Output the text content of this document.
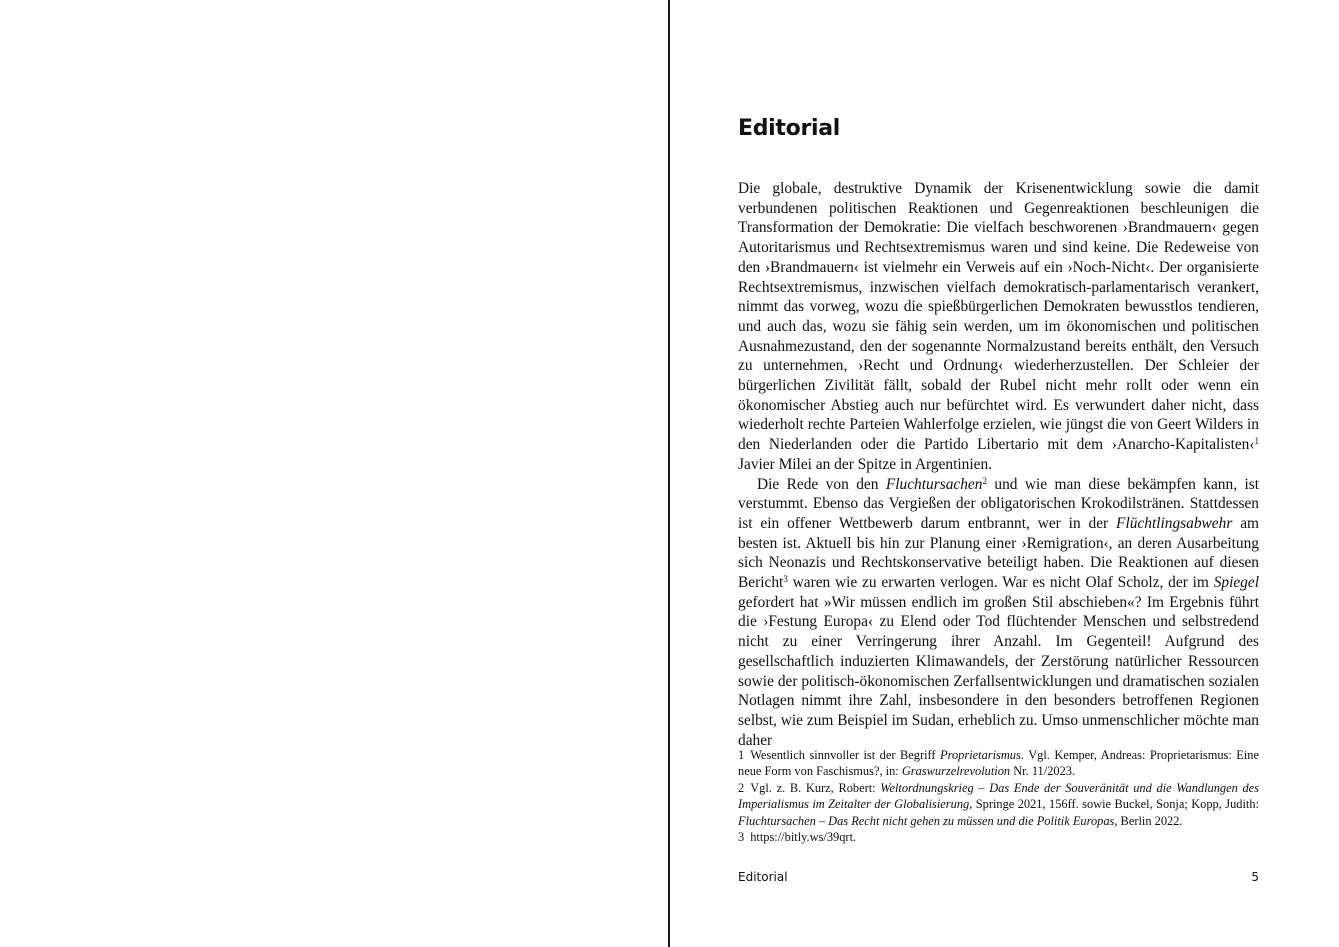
Editorial

Die globale, destruktive Dynamik der Krisenentwicklung sowie die damit verbundenen politischen Reaktionen und Gegenreaktionen beschleunigen die Transformation der Demokratie: Die vielfach beschworenen ›Brandmauern‹ gegen Autoritarismus und Rechtsextremismus waren und sind keine. Die Redeweise von den ›Brandmauern‹ ist vielmehr ein Verweis auf ein ›Noch-Nicht‹. Der organisierte Rechtsextremismus, inzwischen vielfach demokratisch-parlamentarisch verankert, nimmt das vorweg, wozu die spießbürgerlichen Demokraten bewusstlos tendieren, und auch das, wozu sie fähig sein werden, um im ökonomischen und politischen Ausnahmezustand, den der sogenannte Normalzustand bereits enthält, den Versuch zu unternehmen, ›Recht und Ordnung‹ wiederherzustellen. Der Schleier der bürgerlichen Zivilität fällt, sobald der Rubel nicht mehr rollt oder wenn ein ökonomischer Abstieg auch nur befürchtet wird. Es verwundert daher nicht, dass wiederholt rechte Parteien Wahlerfolge erzielen, wie jüngst die von Geert Wilders in den Niederlanden oder die Partido Libertario mit dem ›Anarcho-Kapitalisten‹$^1$ Javier Milei an der Spitze in Argentinien.

Die Rede von den Fluchtursachen$^2$ und wie man diese bekämpfen kann, ist verstummt. Ebenso das Vergießen der obligatorischen Krokodilstränen. Stattdessen ist ein offener Wettbewerb darum entbrannt, wer in der Flüchtlingsabwehr am besten ist. Aktuell bis hin zur Planung einer ›Remigration‹, an deren Ausarbeitung sich Neonazis und Rechtskonservative beteiligt haben. Die Reaktionen auf diesen Bericht$^3$ waren wie zu erwarten verlogen. War es nicht Olaf Scholz, der im Spiegel gefordert hat »Wir müssen endlich im großen Stil abschieben«? Im Ergebnis führt die ›Festung Europa‹ zu Elend oder Tod flüchtender Menschen und selbstredend nicht zu einer Verringerung ihrer Anzahl. Im Gegenteil! Aufgrund des gesellschaftlich induzierten Klimawandels, der Zerstörung natürlicher Ressourcen sowie der politisch-ökonomischen Zerfallsentwicklungen und dramatischen sozialen Notlagen nimmt ihre Zahl, insbesondere in den besonders betroffenen Regionen selbst, wie zum Beispiel im Sudan, erheblich zu. Umso unmenschlicher möchte man daher

1 Wesentlich sinnvoller ist der Begriff Proprietarismus. Vgl. Kemper, Andreas: Proprietarismus: Eine neue Form von Faschismus?, in: Graswurzelrevolution Nr. 11/2023.

2 Vgl. z. B. Kurz, Robert: Weltordnungskrieg – Das Ende der Souveränität und die Wandlungen des Imperialismus im Zeitalter der Globalisierung, Springe 2021, 156ff. sowie Buckel, Sonja; Kopp, Judith: Fluchtursachen – Das Recht nicht gehen zu müssen und die Politik Europas, Berlin 2022.

3 https://bitly.ws/39qrt.

Editorial	5
